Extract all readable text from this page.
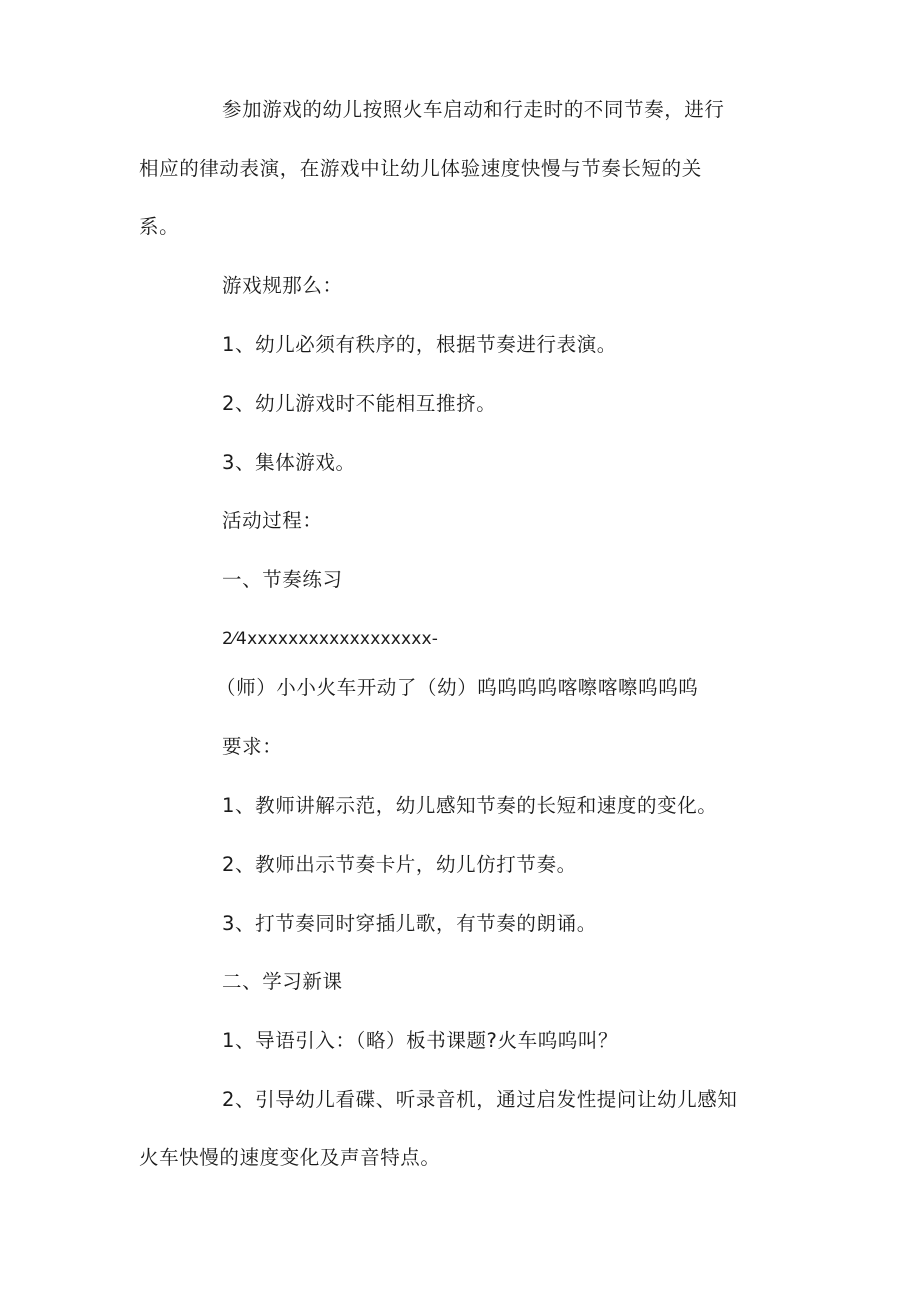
参加游戏的幼儿按照火车启动和行走时的不同节奏，进行
相应的律动表演，在游戏中让幼儿体验速度快慢与节奏长短的关
系。
游戏规那么：
1、幼儿必须有秩序的，根据节奏进行表演。
2、幼儿游戏时不能相互推挤。
3、集体游戏。
活动过程：
一、节奏练习
2⁄4xxxxxxxxxxxxxxxxxx-
（师）小小火车开动了（幼）呜呜呜呜喀嚓喀嚓呜呜呜
要求：
1、教师讲解示范，幼儿感知节奏的长短和速度的变化。
2、教师出示节奏卡片，幼儿仿打节奏。
3、打节奏同时穿插儿歌，有节奏的朗诵。
二、学习新课
1、导语引入：（略）板书课题?火车呜呜叫？
2、引导幼儿看碟、听录音机，通过启发性提问让幼儿感知
火车快慢的速度变化及声音特点。
